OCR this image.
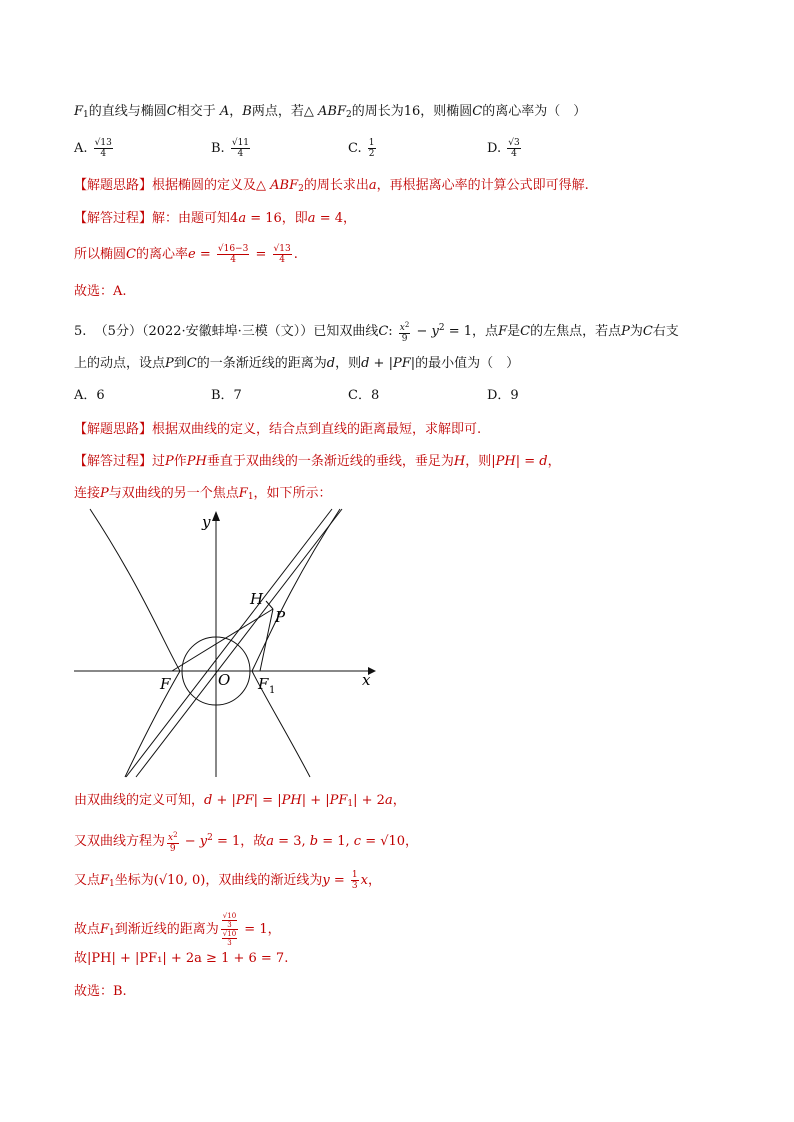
$F_1$的直线与椭圆C相交于 A，B两点，若△ $ABF_2$的周长为16，则椭圆C的离心率为（　）
A. $\frac{√13}{4}$	B. $\frac{√11}{4}$	C. $\frac{1}{2}$	D. $\frac{√3}{4}$
【解题思路】根据椭圆的定义及△ $ABF_2$的周长求出a，再根据离心率的计算公式即可得解.
【解答过程】解：由题可知4a = 16，即a = 4，
所以椭圆C的离心率$e = \frac{√16-3}{4} = \frac{√13}{4}$ .
故选：A.
5. （5分）（2022·安徽蚌埠·三模（文））已知双曲线C: $\frac{x^2}{9} - y^2 = 1$，点F是C的左焦点，若点P为C右支
上的动点，设点P到C的一条渐近线的距离为d，则d + |PF|的最小值为（　）
A．6	B．7	C．8	D．9
【解题思路】根据双曲线的定义，结合点到直线的距离最短，求解即可.
【解答过程】过P作PH垂直于双曲线的一条渐近线的垂线，垂足为H，则|PH| = d，
连接P与双曲线的另一个焦点$F_1$，如下所示：
y
x
H
P
F	O F 1
由双曲线的定义可知，$d + |PF| = |PH| + |PF_1| + 2a$，
又双曲线方程为 $\frac{x^2}{9} - y^2 = 1$，故a = 3, b = 1, c = √10，
又点$F_1$坐标为(√10, 0)，双曲线的渐近线为$y = \frac{1}{3}$ x，
故点$F_1$到渐近线的距离为 $\frac{\frac{√10}{3}}{\frac{√10}{3}} = 1$，
故|PH| + |PF₁| + 2a ≥ 1 + 6 = 7.
故选：B.
